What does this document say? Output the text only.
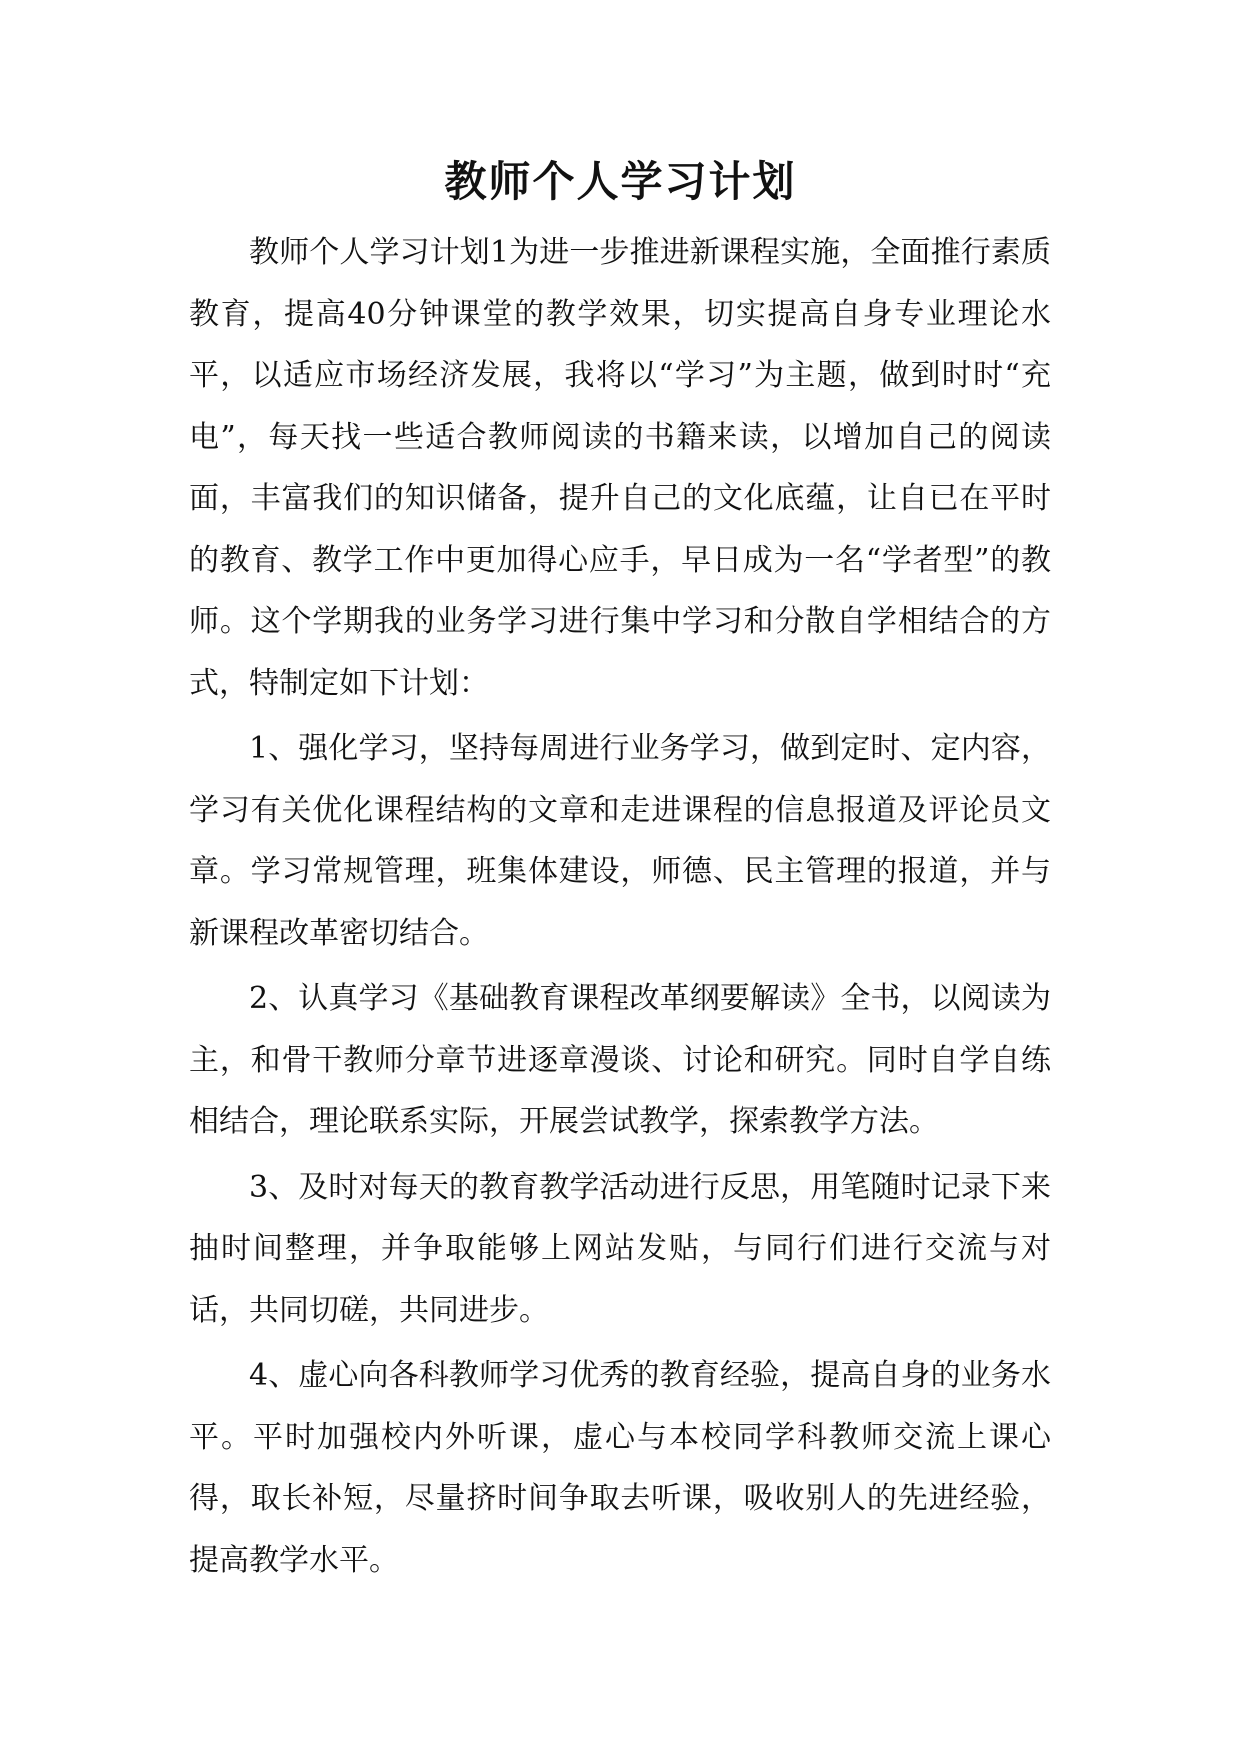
教师个人学习计划

教师个人学习计划1为进一步推进新课程实施，全面推行素质教育，提高40分钟课堂的教学效果，切实提高自身专业理论水平，以适应市场经济发展，我将以“学习”为主题，做到时时“充电”，每天找一些适合教师阅读的书籍来读，以增加自己的阅读面，丰富我们的知识储备，提升自己的文化底蕴，让自已在平时的教育、教学工作中更加得心应手，早日成为一名“学者型”的教师。这个学期我的业务学习进行集中学习和分散自学相结合的方式，特制定如下计划：

1、强化学习，坚持每周进行业务学习，做到定时、定内容，学习有关优化课程结构的文章和走进课程的信息报道及评论员文章。学习常规管理，班集体建设，师德、民主管理的报道，并与新课程改革密切结合。

2、认真学习《基础教育课程改革纲要解读》全书，以阅读为主，和骨干教师分章节进逐章漫谈、讨论和研究。同时自学自练相结合，理论联系实际，开展尝试教学，探索教学方法。

3、及时对每天的教育教学活动进行反思，用笔随时记录下来抽时间整理，并争取能够上网站发贴，与同行们进行交流与对话，共同切磋，共同进步。

4、虚心向各科教师学习优秀的教育经验，提高自身的业务水平。平时加强校内外听课，虚心与本校同学科教师交流上课心得，取长补短，尽量挤时间争取去听课，吸收别人的先进经验，提高教学水平。
